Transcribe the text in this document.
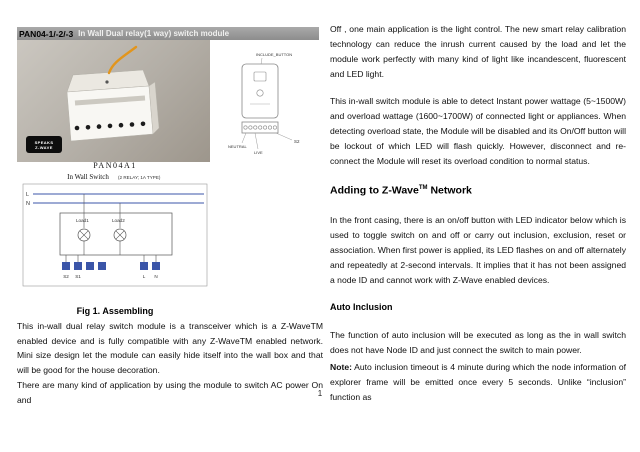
PAN04-1/-2/-3 In Wall Dual relay(1 way) switch module
SPEAKS
Z-WAVE
INCLUDE_BUTTON
NEUTRAL
LIVE
S2
PAN04A1
In Wall Switch (2 RELAY; 1A TYPE)
L
N
Load1	Load2
S2 S1	L N
Fig 1. Assembling

This in-wall dual relay switch module is a transceiver which is a Z-WaveTM enabled device and is fully compatible with any Z-WaveTM enabled network. Mini size design let the module can easily hide itself into the wall box and that will be good for the house decoration.

There are many kind of application by using the module to switch AC power On and

Off , one main application is the light control. The new smart relay calibration technology can reduce the inrush current caused by the load and let the module work perfectly with many kind of light like incandescent, fluorescent and LED light.

This in-wall switch module is able to detect Instant power wattage (5~1500W) and overload wattage (1600~1700W) of connected light or appliances. When detecting overload state, the Module will be disabled and its On/Off button will be lockout of which LED will flash quickly. However, disconnect and re-connect the Module will reset its overload condition to normal status.

Adding to Z-Wave™ Network

In the front casing, there is an on/off button with LED indicator below which is used to toggle switch on and off or carry out inclusion, exclusion, reset or association. When first power is applied, its LED flashes on and off alternately and repeatedly at 2-second intervals. It implies that it has not been assigned a node ID and cannot work with Z-Wave enabled devices.

Auto Inclusion

The function of auto inclusion will be executed as long as the in wall switch does not have Node ID and just connect the switch to main power.

Note: Auto inclusion timeout is 4 minute during which the node information of explorer frame will be emitted once every 5 seconds. Unlike “inclusion” function as

1
